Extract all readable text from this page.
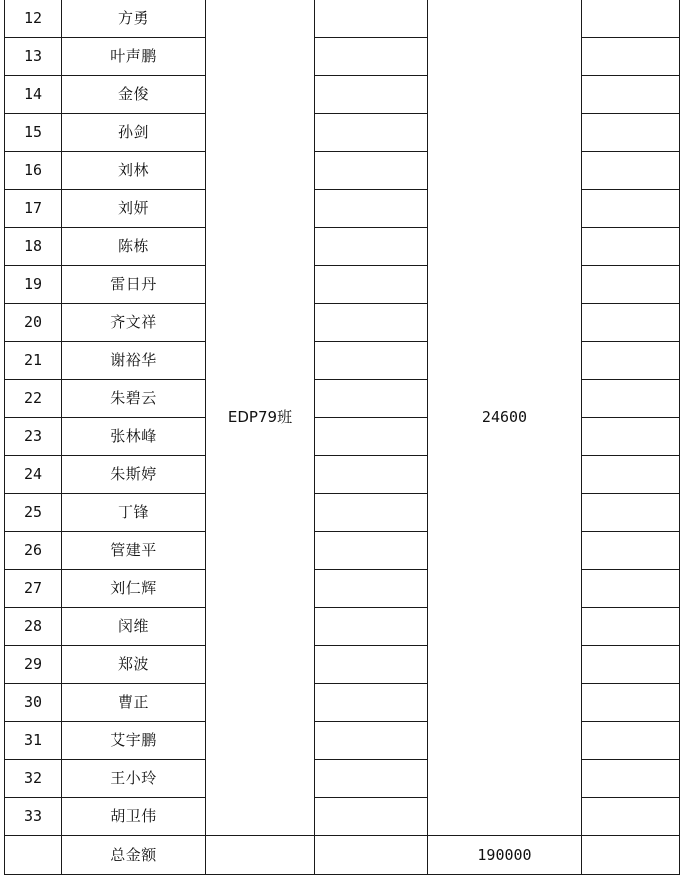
12	方勇	EDP79班		24600	
13	叶声鹏				
14	金俊				
15	孙剑				
16	刘林				
17	刘妍				
18	陈栋				
19	雷日丹				
20	齐文祥				
21	谢裕华				
22	朱碧云				
23	张林峰				
24	朱斯婷				
25	丁锋				
26	管建平				
27	刘仁辉				
28	闵维				
29	郑波				
30	曹正				
31	艾宇鹏				
32	王小玲				
33	胡卫伟				
	总金额			190000	
